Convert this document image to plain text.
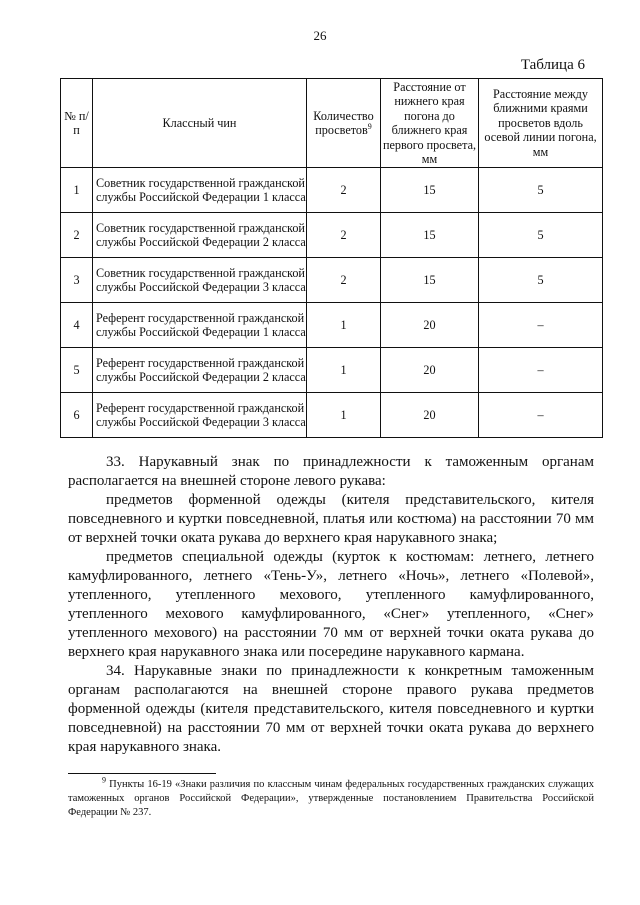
26
Таблица 6
№ п/п	Классный чин	Количество просветов$^9$	Расстояние от нижнего края погона до ближнего края первого просвета, мм	Расстояние между ближними краями просветов вдоль осевой линии погона, мм
1	Советник государственной гражданской службы Российской Федерации 1 класса	2	15	5
2	Советник государственной гражданской службы Российской Федерации 2 класса	2	15	5
3	Советник государственной гражданской службы Российской Федерации 3 класса	2	15	5
4	Референт государственной гражданской службы Российской Федерации 1 класса	1	20	–
5	Референт государственной гражданской службы Российской Федерации 2 класса	1	20	–
6	Референт государственной гражданской службы Российской Федерации 3 класса	1	20	–

33. Нарукавный знак по принадлежности к таможенным органам располагается на внешней стороне левого рукава:

предметов форменной одежды (кителя представительского, кителя повседневного и куртки повседневной, платья или костюма) на расстоянии 70 мм от верхней точки оката рукава до верхнего края нарукавного знака;

предметов специальной одежды (курток к костюмам: летнего, летнего камуфлированного, летнего «Тень-У», летнего «Ночь», летнего «Полевой», утепленного, утепленного мехового, утепленного камуфлированного, утепленного мехового камуфлированного, «Снег» утепленного, «Снег» утепленного мехового) на расстоянии 70 мм от верхней точки оката рукава до верхнего края нарукавного знака или посередине нарукавного кармана.

34. Нарукавные знаки по принадлежности к конкретным таможенным органам располагаются на внешней стороне правого рукава предметов форменной одежды (кителя представительского, кителя повседневного и куртки повседневной) на расстоянии 70 мм от верхней точки оката рукава до верхнего края нарукавного знака.

$^9$ Пункты 16-19 «Знаки различия по классным чинам федеральных государственных гражданских служащих таможенных органов Российской Федерации», утвержденные постановлением Правительства Российской Федерации № 237.
